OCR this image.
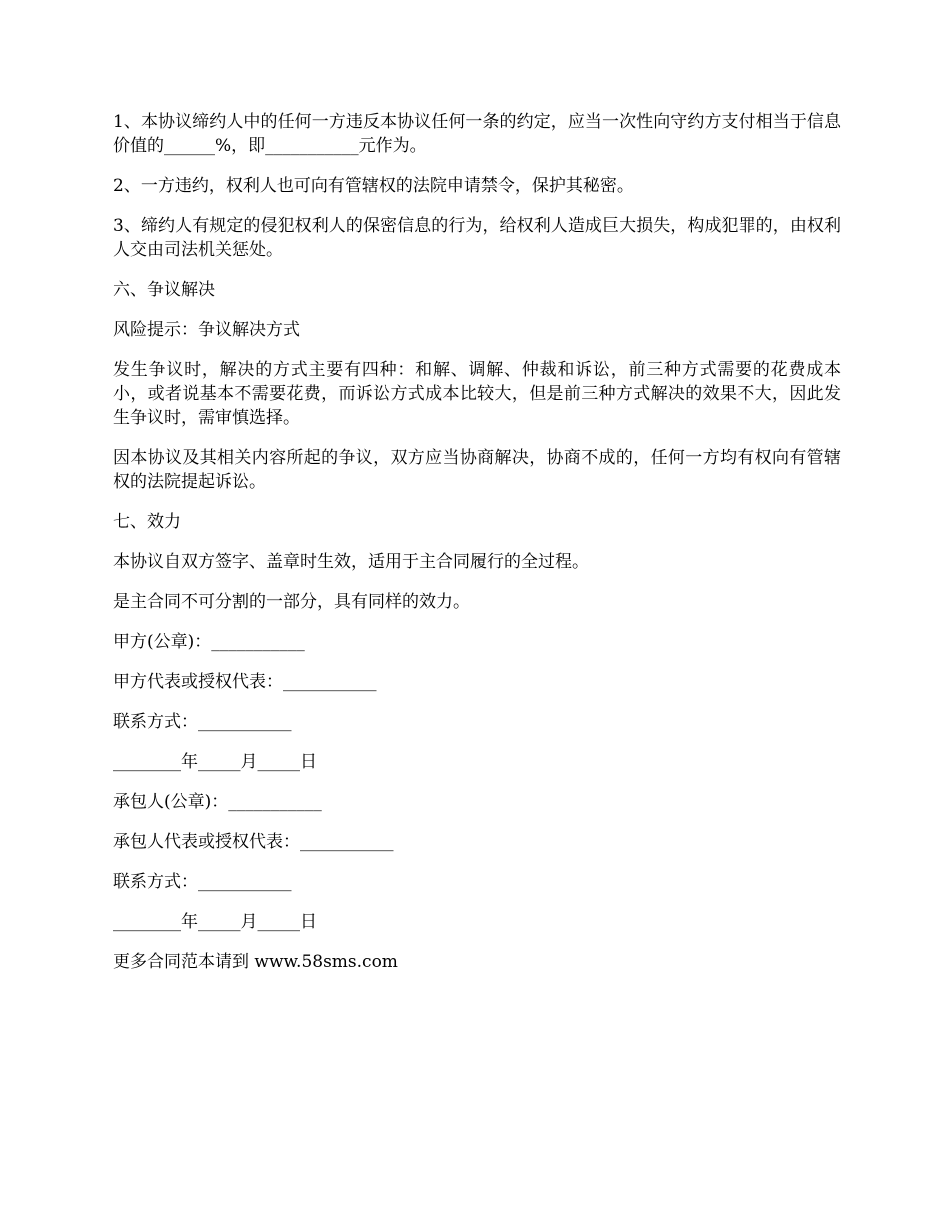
1、本协议缔约人中的任何一方违反本协议任何一条的约定，应当一次性向守约方支付相当于信息价值的______%，即___________元作为。

2、一方违约，权利人也可向有管辖权的法院申请禁令，保护其秘密。

3、缔约人有规定的侵犯权利人的保密信息的行为，给权利人造成巨大损失，构成犯罪的，由权利人交由司法机关惩处。

六、争议解决

风险提示：争议解决方式

发生争议时，解决的方式主要有四种：和解、调解、仲裁和诉讼，前三种方式需要的花费成本小，或者说基本不需要花费，而诉讼方式成本比较大，但是前三种方式解决的效果不大，因此发生争议时，需审慎选择。

因本协议及其相关内容所起的争议，双方应当协商解决，协商不成的，任何一方均有权向有管辖权的法院提起诉讼。

七、效力

本协议自双方签字、盖章时生效，适用于主合同履行的全过程。

是主合同不可分割的一部分，具有同样的效力。

甲方(公章)：___________

甲方代表或授权代表：___________

联系方式：___________

________年_____月_____日

承包人(公章)：___________

承包人代表或授权代表：___________

联系方式：___________

________年_____月_____日

更多合同范本请到 www.58sms.com
